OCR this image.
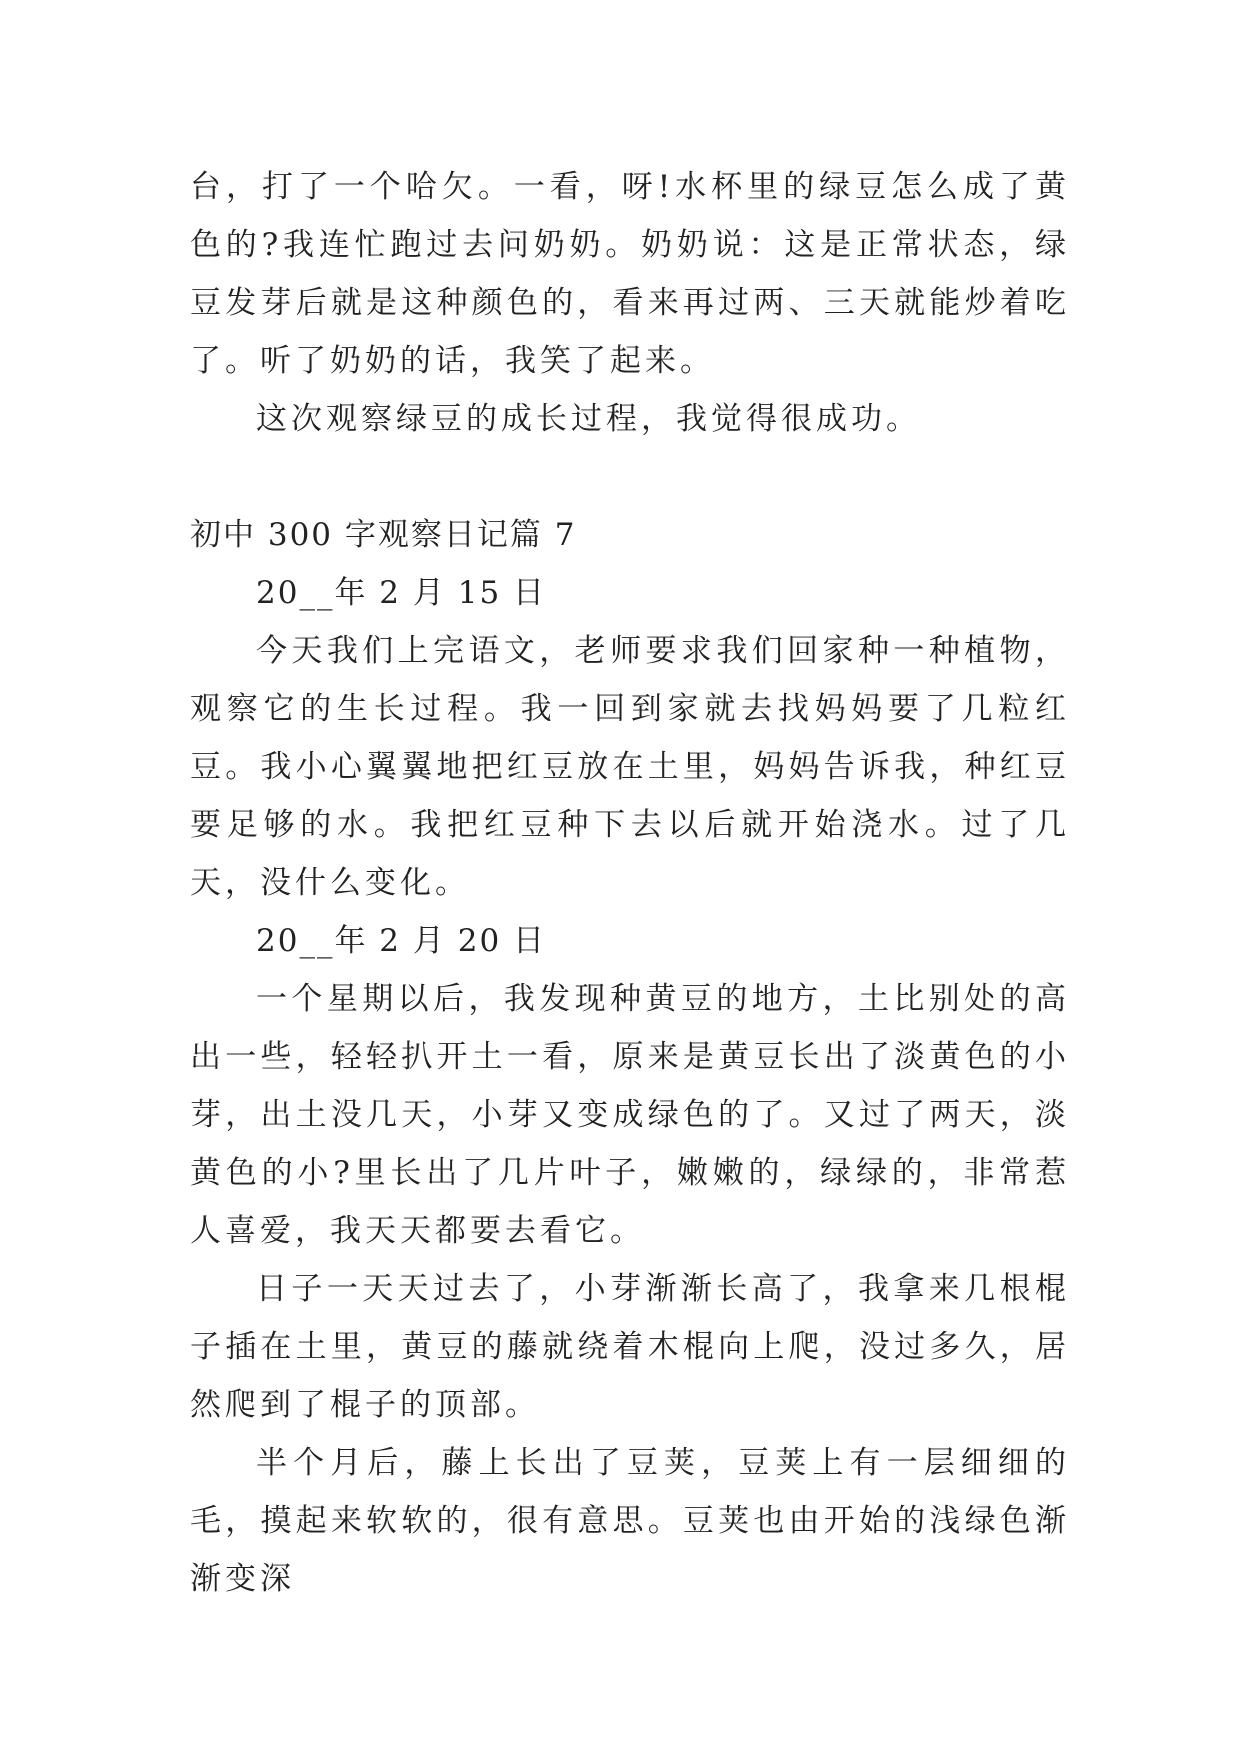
台，打了一个哈欠。一看，呀!水杯里的绿豆怎么成了黄色的?我连忙跑过去问奶奶。奶奶说：这是正常状态，绿豆发芽后就是这种颜色的，看来再过两、三天就能炒着吃了。听了奶奶的话，我笑了起来。

这次观察绿豆的成长过程，我觉得很成功。

初中 300 字观察日记篇 7

20__年 2 月 15 日

今天我们上完语文，老师要求我们回家种一种植物，观察它的生长过程。我一回到家就去找妈妈要了几粒红豆。我小心翼翼地把红豆放在土里，妈妈告诉我，种红豆要足够的水。我把红豆种下去以后就开始浇水。过了几天，没什么变化。

20__年 2 月 20 日

一个星期以后，我发现种黄豆的地方，土比别处的高出一些，轻轻扒开土一看，原来是黄豆长出了淡黄色的小芽，出土没几天，小芽又变成绿色的了。又过了两天，淡黄色的小?里长出了几片叶子，嫩嫩的，绿绿的，非常惹人喜爱，我天天都要去看它。

日子一天天过去了，小芽渐渐长高了，我拿来几根棍子插在土里，黄豆的藤就绕着木棍向上爬，没过多久，居然爬到了棍子的顶部。

半个月后，藤上长出了豆荚，豆荚上有一层细细的毛，摸起来软软的，很有意思。豆荚也由开始的浅绿色渐渐变深
